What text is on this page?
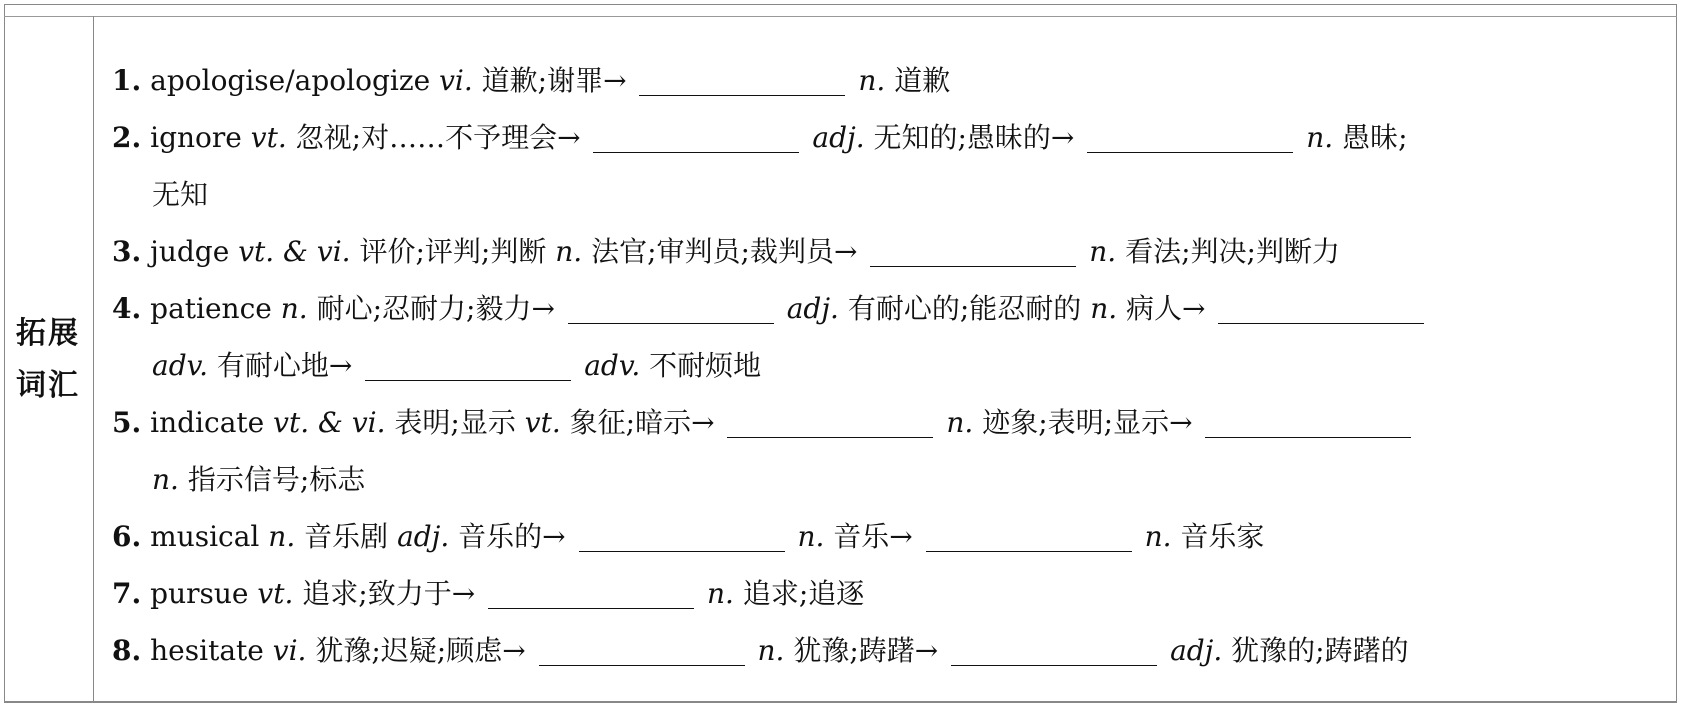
拓展
词汇
1. apologise/apologize vi. 道歉;谢罪→	n. 道歉
2. ignore vt. 忽视;对……不予理会→	adj. 无知的;愚昧的→	n. 愚昧;
无知
3. judge vt. & vi. 评价;评判;判断 n. 法官;审判员;裁判员→	n. 看法;判决;判断力
4. patience n. 耐心;忍耐力;毅力→	adj. 有耐心的;能忍耐的 n. 病人→
adv. 有耐心地→	adv. 不耐烦地
5. indicate vt. & vi. 表明;显示 vt. 象征;暗示→	n. 迹象;表明;显示→
n. 指示信号;标志
6. musical n. 音乐剧 adj. 音乐的→	n. 音乐→	n. 音乐家
7. pursue vt. 追求;致力于→	n. 追求;追逐
8. hesitate vi. 犹豫;迟疑;顾虑→	n. 犹豫;踌躇→	adj. 犹豫的;踌躇的
